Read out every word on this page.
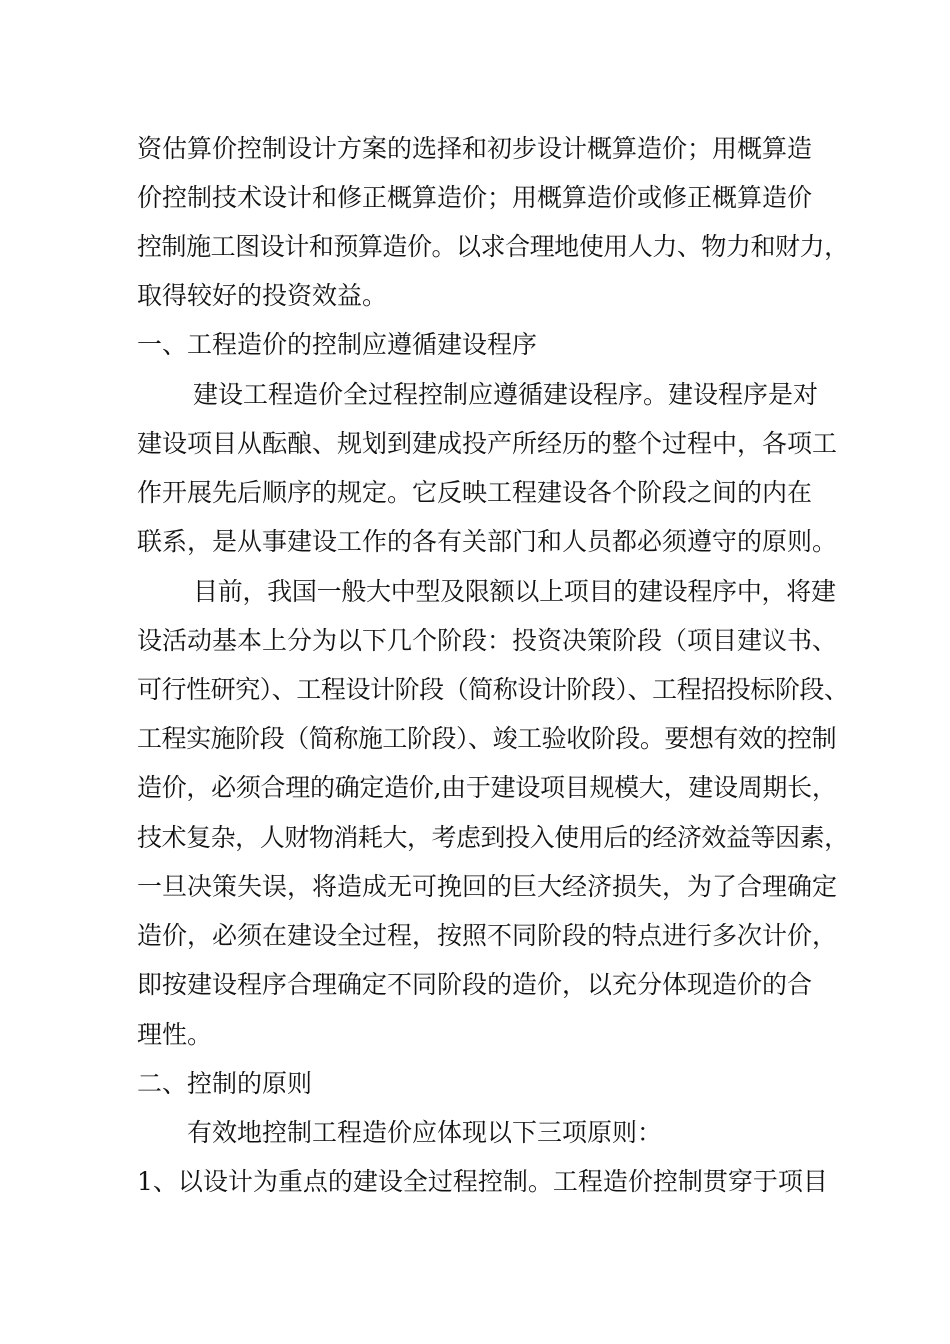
资估算价控制设计方案的选择和初步设计概算造价；用概算造
价控制技术设计和修正概算造价；用概算造价或修正概算造价
控制施工图设计和预算造价。以求合理地使用人力、物力和财力，
取得较好的投资效益。
一、工程造价的控制应遵循建设程序
建设工程造价全过程控制应遵循建设程序。建设程序是对
建设项目从酝酿、规划到建成投产所经历的整个过程中，各项工
作开展先后顺序的规定。它反映工程建设各个阶段之间的内在
联系，是从事建设工作的各有关部门和人员都必须遵守的原则。
目前，我国一般大中型及限额以上项目的建设程序中，将建
设活动基本上分为以下几个阶段：投资决策阶段（项目建议书、
可行性研究）、工程设计阶段（简称设计阶段）、工程招投标阶段、
工程实施阶段（简称施工阶段）、竣工验收阶段。要想有效的控制
造价，必须合理的确定造价,由于建设项目规模大，建设周期长，
技术复杂，人财物消耗大，考虑到投入使用后的经济效益等因素，
一旦决策失误，将造成无可挽回的巨大经济损失，为了合理确定
造价，必须在建设全过程，按照不同阶段的特点进行多次计价，
即按建设程序合理确定不同阶段的造价，以充分体现造价的合
理性。
二、控制的原则
有效地控制工程造价应体现以下三项原则：
1、以设计为重点的建设全过程控制。工程造价控制贯穿于项目
